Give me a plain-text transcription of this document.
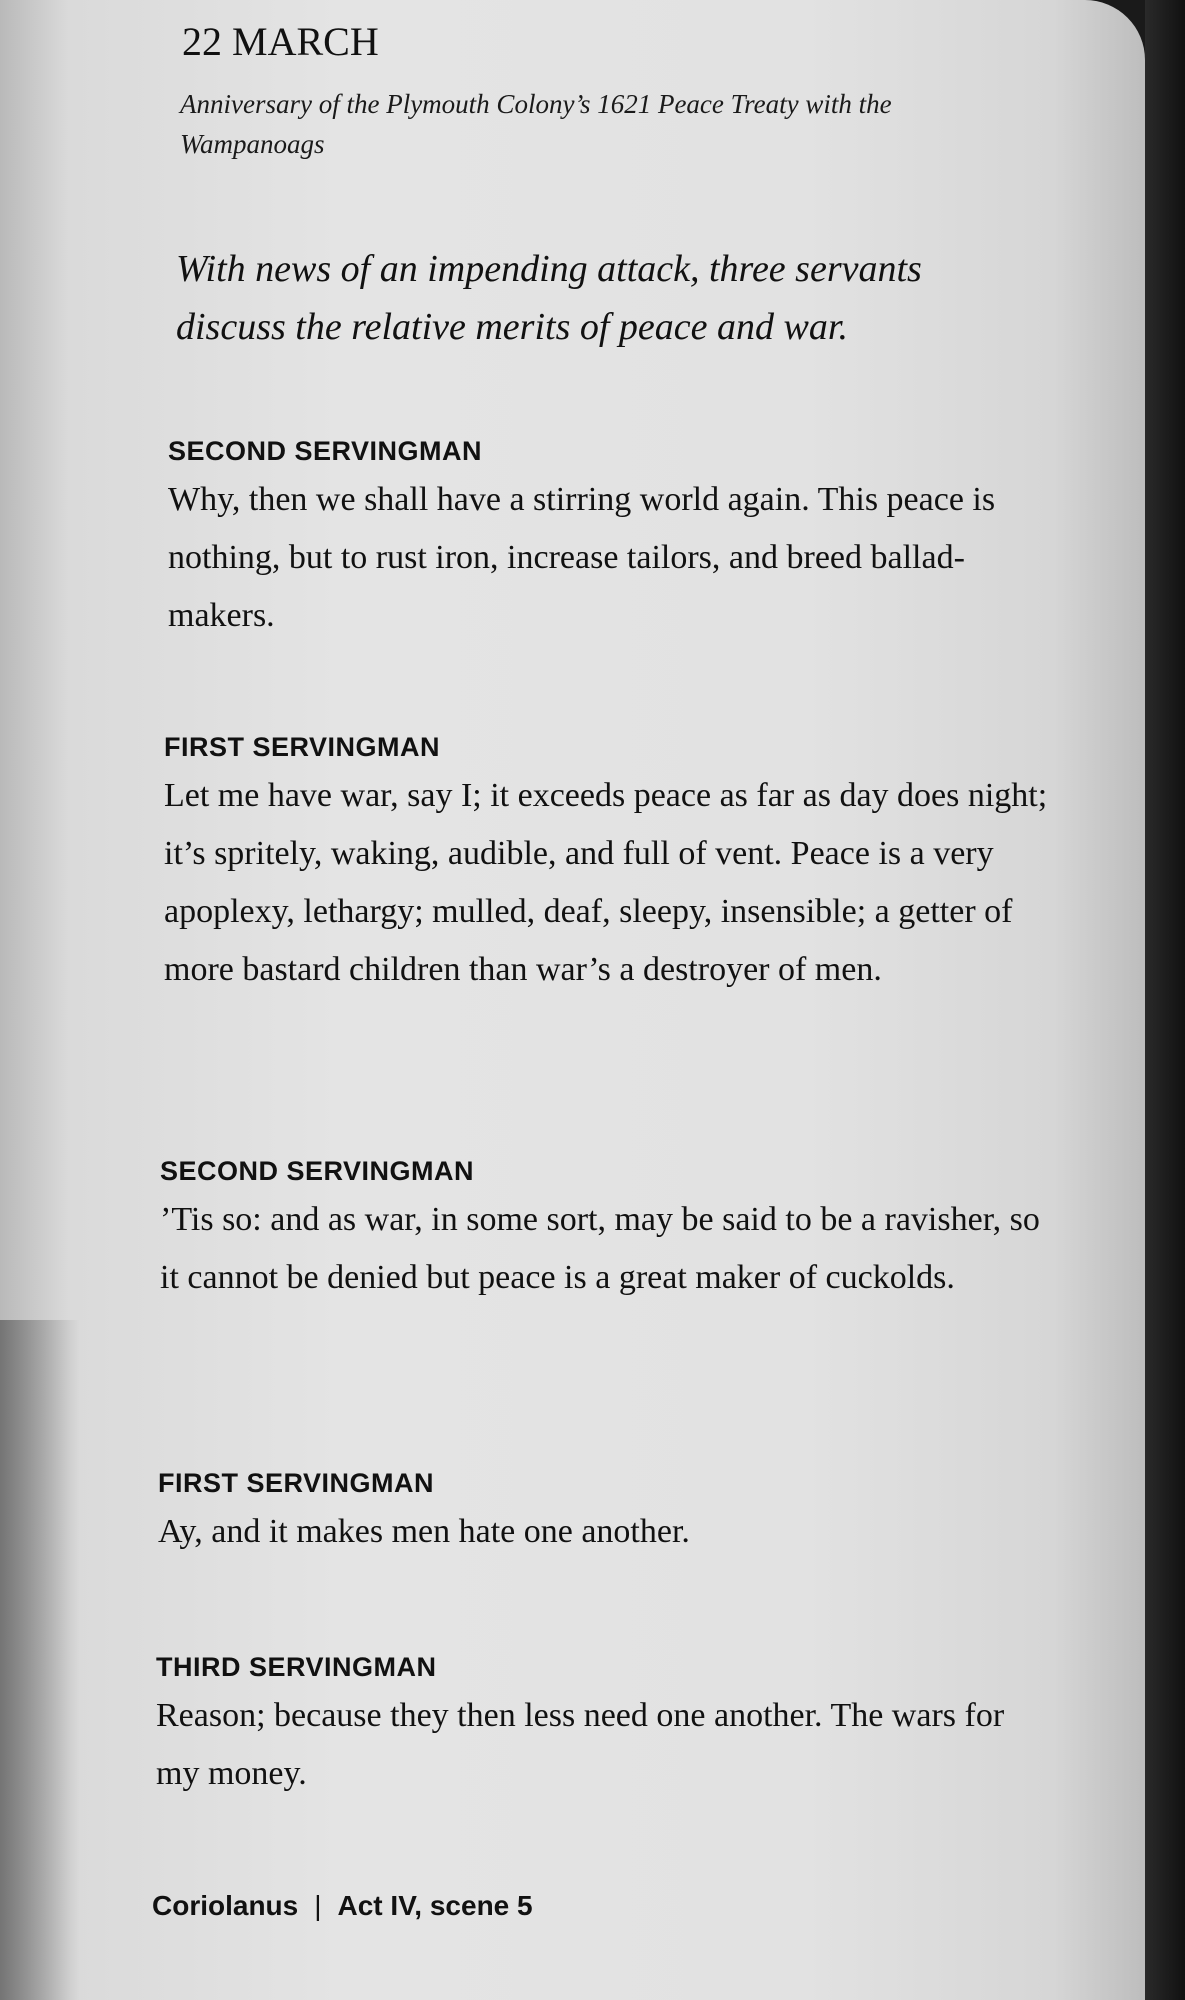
22 MARCH
Anniversary of the Plymouth Colony’s 1621 Peace Treaty with the Wampanoags
With news of an impending attack, three servants discuss the relative merits of peace and war.
SECOND SERVINGMAN
Why, then we shall have a stirring world again. This peace is nothing, but to rust iron, increase tailors, and breed ballad-makers.
FIRST SERVINGMAN
Let me have war, say I; it exceeds peace as far as day does night; it’s spritely, waking, audible, and full of vent. Peace is a very apoplexy, lethargy; mulled, deaf, sleepy, insensible; a getter of more bastard children than war’s a destroyer of men.
SECOND SERVINGMAN
’Tis so: and as war, in some sort, may be said to be a ravisher, so it cannot be denied but peace is a great maker of cuckolds.
FIRST SERVINGMAN
Ay, and it makes men hate one another.
THIRD SERVINGMAN
Reason; because they then less need one another. The wars for my money.
Coriolanus | Act IV, scene 5
